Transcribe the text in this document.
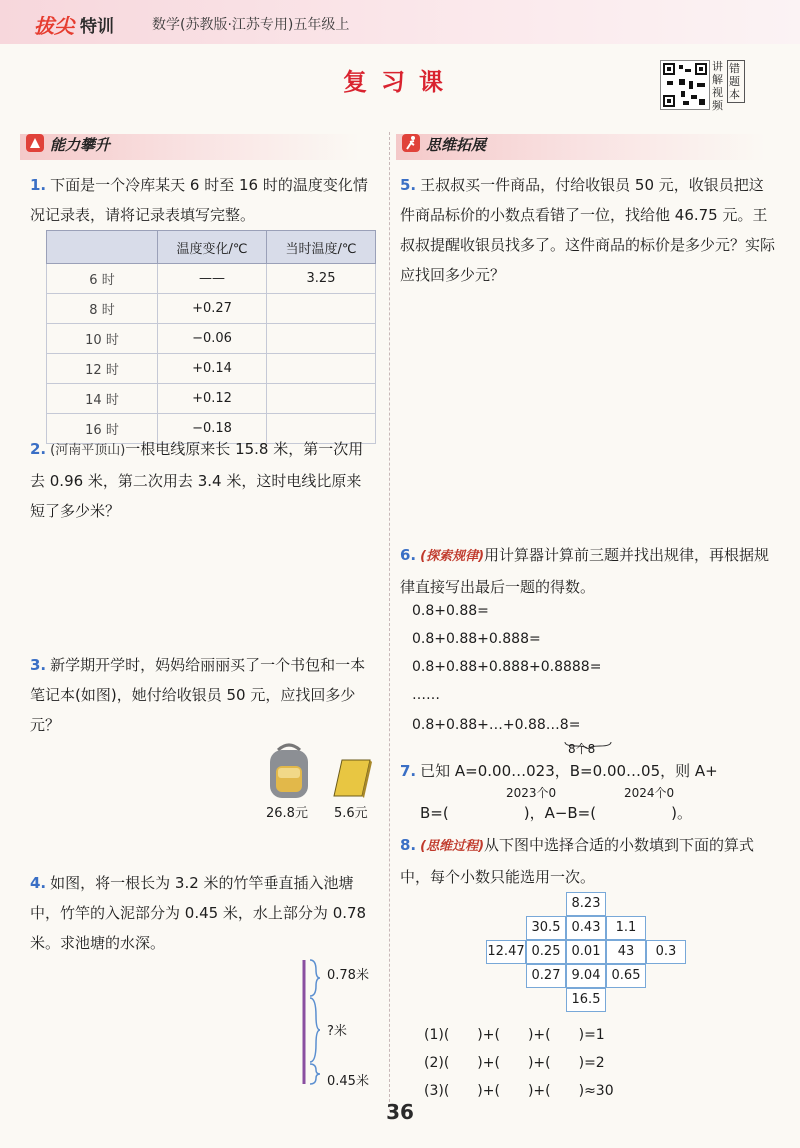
拔尖 特训	数学(苏教版·江苏专用)五年级上
复习课
讲解视频
错题本
能力攀升	思维拓展
1. 下面是一个冷库某天 6 时至 16 时的温度变化情况记录表，请将记录表填写完整。
	温度变化/℃	当时温度/℃
6 时	——	3.25
8 时	+0.27	
10 时	−0.06	
12 时	+0.14	
14 时	+0.12	
16 时	−0.18	
2. (河南平顶山)一根电线原来长 15.8 米，第一次用去 0.96 米，第二次用去 3.4 米，这时电线比原来短了多少米？
3. 新学期开学时，妈妈给丽丽买了一个书包和一本笔记本(如图)，她付给收银员 50 元，应找回多少元？
26.8元 5.6元
4. 如图，将一根长为 3.2 米的竹竿垂直插入池塘中，竹竿的入泥部分为 0.45 米，水上部分为 0.78 米。求池塘的水深。
0.78米
?米
0.45米
5. 王叔叔买一件商品，付给收银员 50 元，收银员把这件商品标价的小数点看错了一位，找给他 46.75 元。王叔叔提醒收银员找多了。这件商品的标价是多少元？实际应找回多少元？
6. (探索规律)用计算器计算前三题并找出规律，再根据规律直接写出最后一题的得数。
0.8+0.88=
0.8+0.88+0.888=
0.8+0.88+0.888+0.8888=
……
0.8+0.88+…+0.88…8=
8个8
7. 已知 A=0.00…023，B=0.00…05，则 A+
2023个0	2024个0
B=(　　　　　)，A−B=(　　　　　)。
8. (思维过程)从下图中选择合适的小数填到下面的算式中，每个小数只能选用一次。
8.23
30.5 0.43	1.1
12.47 0.25 0.01	43	0.3
0.27 9.04 0.65
16.5
(1)(　　)+(　　)+(　　)=1
(2)(　　)+(　　)+(　　)=2
(3)(　　)+(　　)+(　　)≈30
36
